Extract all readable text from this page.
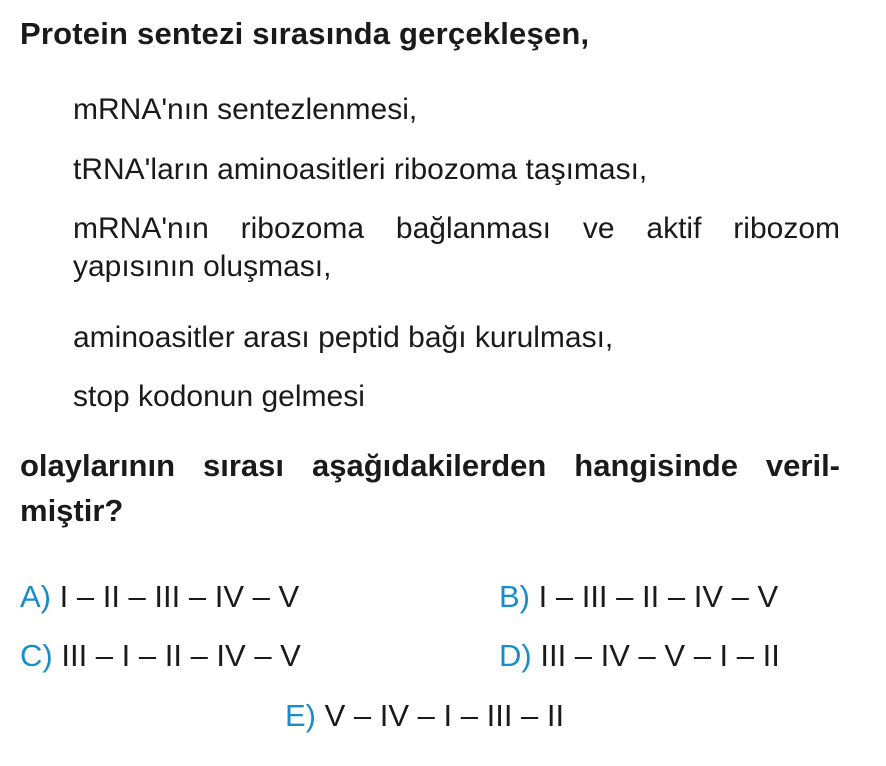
Protein sentezi sırasında gerçekleşen,
mRNA'nın sentezlenmesi,
tRNA'ların aminoasitleri ribozoma taşıması,
mRNA'nın ribozoma bağlanması ve aktif ribozom
yapısının oluşması,
aminoasitler arası peptid bağı kurulması,
stop kodonun gelmesi
olaylarının sırası aşağıdakilerden hangisinde veril-
miştir?
A) I – II – III – IV – V	B) I – III – II – IV – V
C) III – I – II – IV – V	D) III – IV – V – I – II
E) V – IV – I – III – II
